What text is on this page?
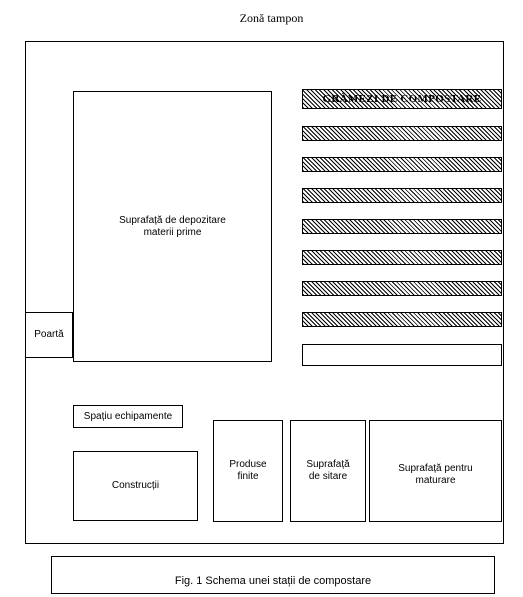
Zonă tampon
Suprafață de depozitare
materii prime
GRĂMEZI DE COMPOSTARE
Poartă
Spațiu echipamente
Construcții
Produse
finite
Suprafață
de sitare

Suprafață pentru
maturare

Fig. 1 Schema unei stații de compostare
